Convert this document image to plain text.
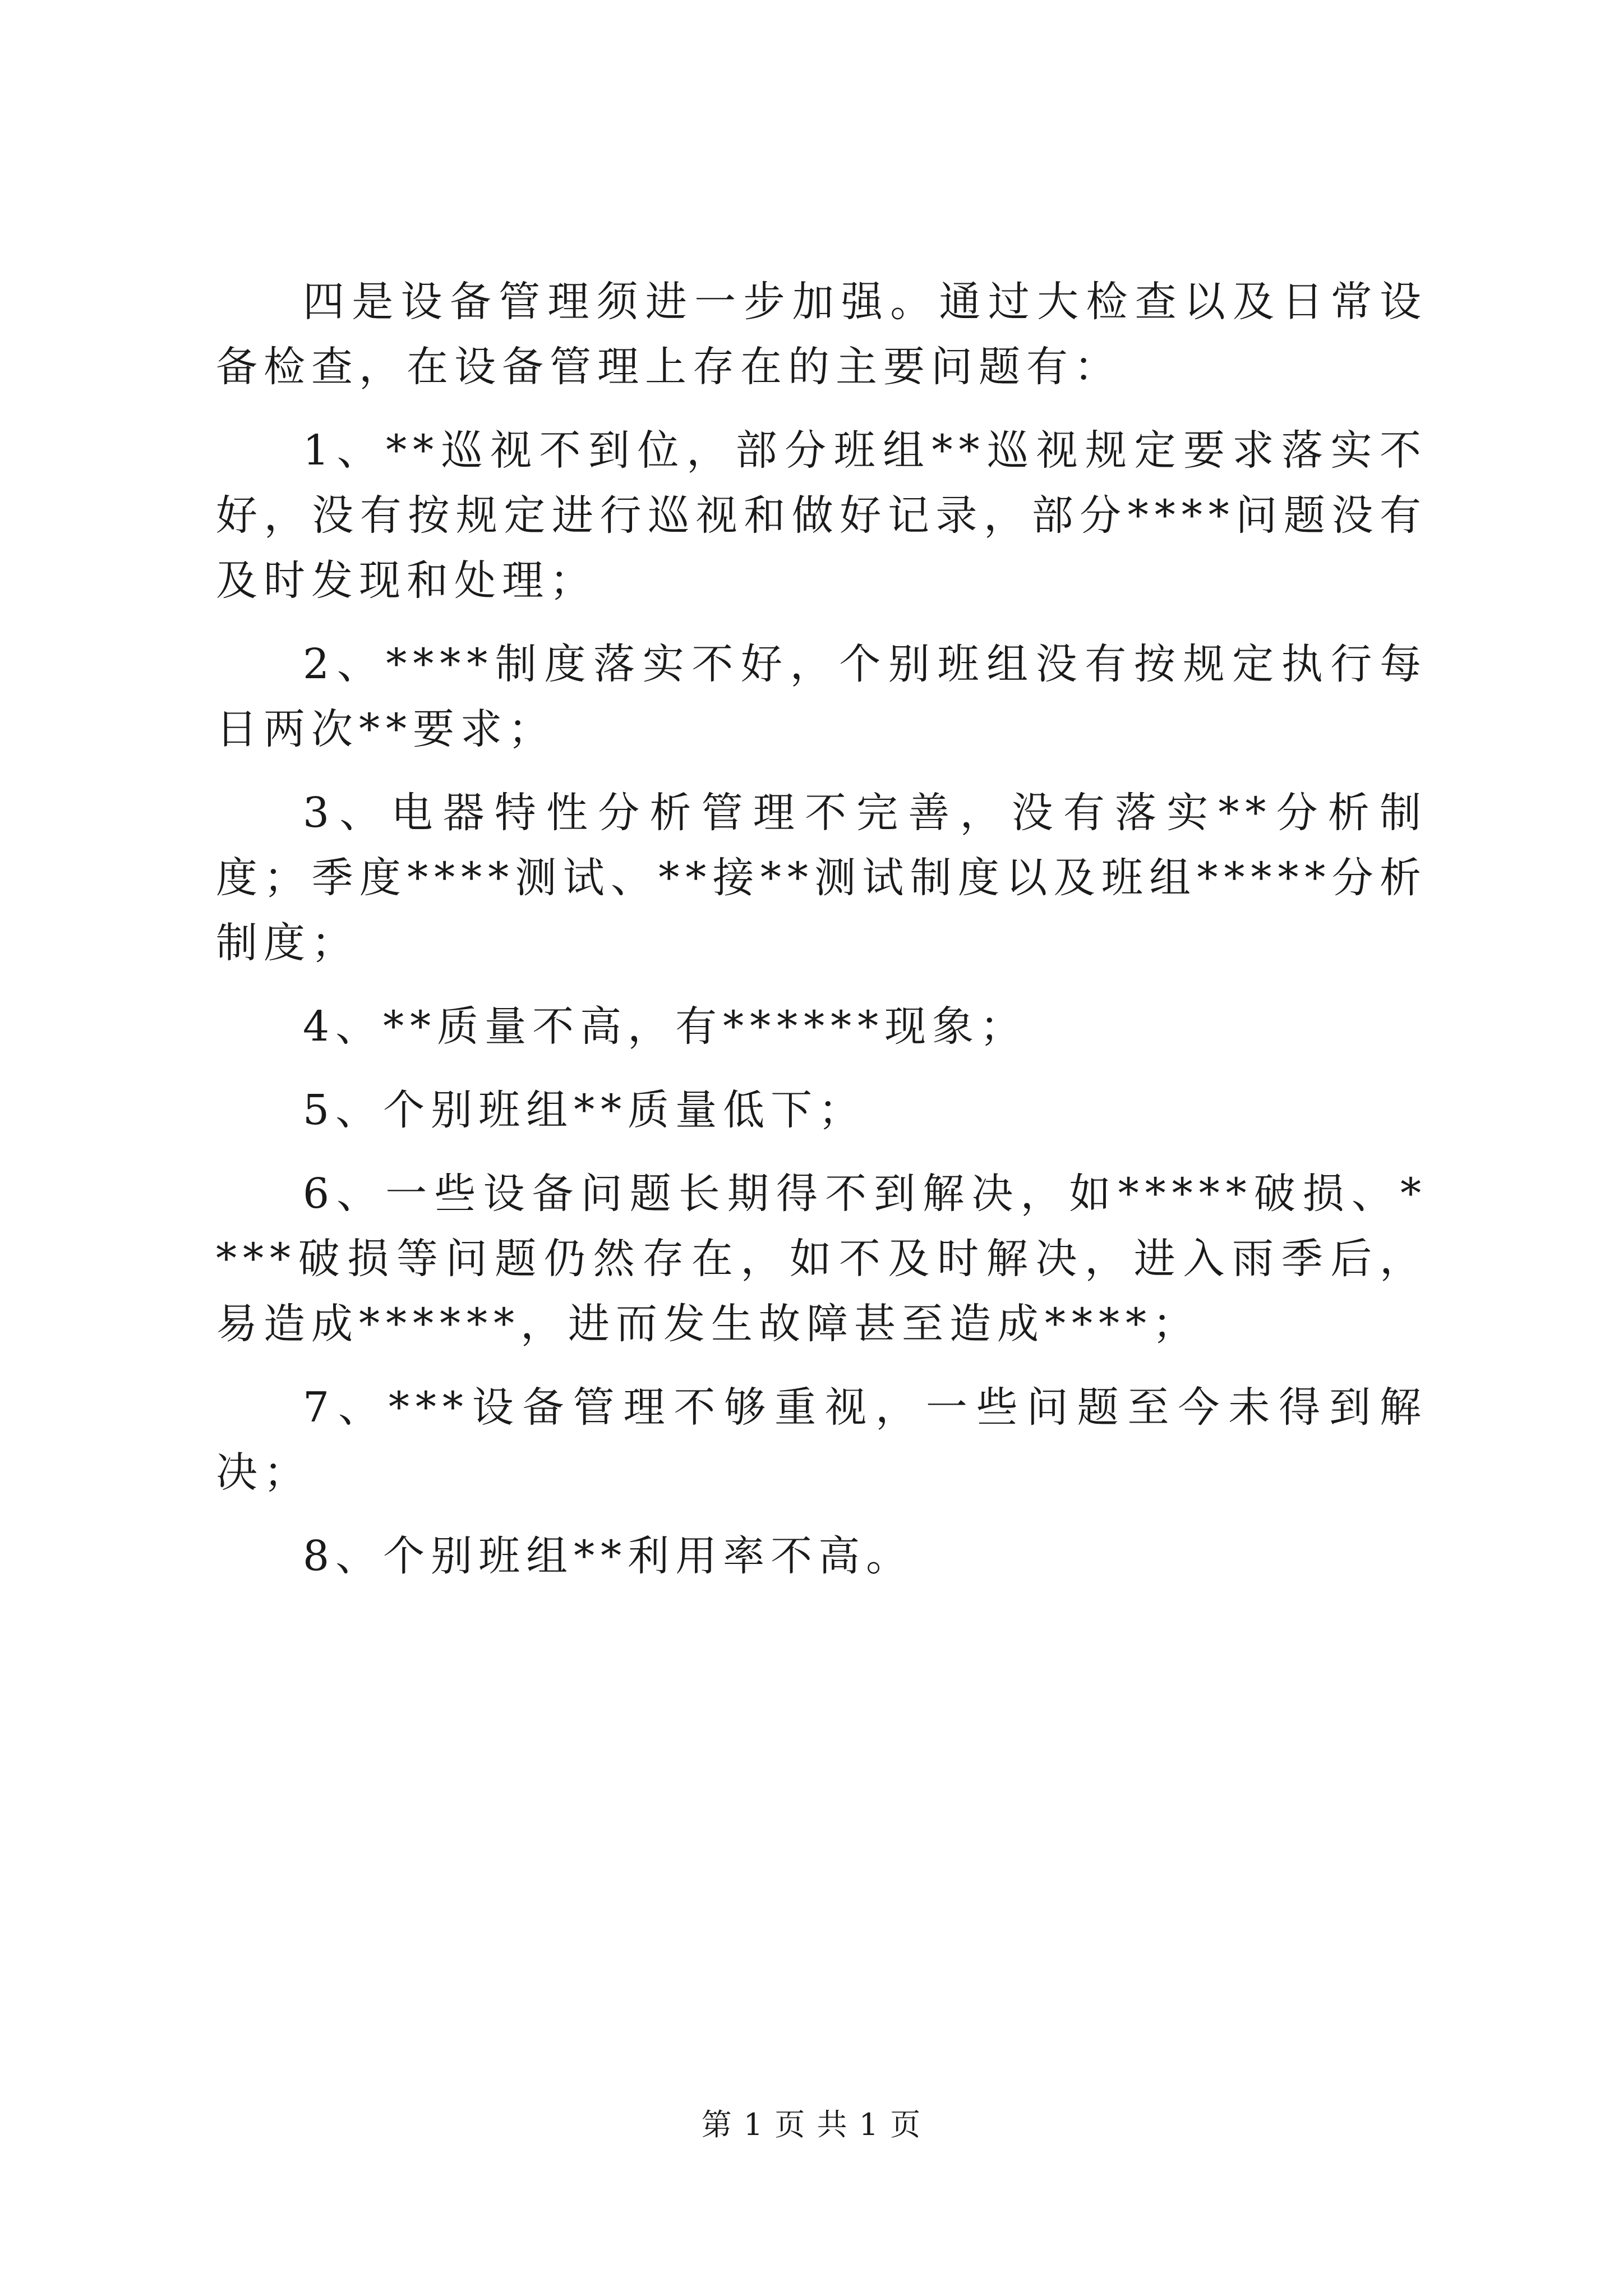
四是设备管理须进一步加强。通过大检查以及日常设备检查，在设备管理上存在的主要问题有：

1、**巡视不到位，部分班组**巡视规定要求落实不好，没有按规定进行巡视和做好记录，部分****问题没有及时发现和处理；

2、****制度落实不好，个别班组没有按规定执行每日两次**要求；

3、电器特性分析管理不完善，没有落实**分析制度；季度****测试、**接**测试制度以及班组*****分析制度；

4、**质量不高，有******现象；

5、个别班组**质量低下；

6、一些设备问题长期得不到解决，如*****破损、****破损等问题仍然存在，如不及时解决，进入雨季后，易造成******，进而发生故障甚至造成****；

7、***设备管理不够重视，一些问题至今未得到解决；

8、个别班组**利用率不高。

第 1 页 共 1 页
